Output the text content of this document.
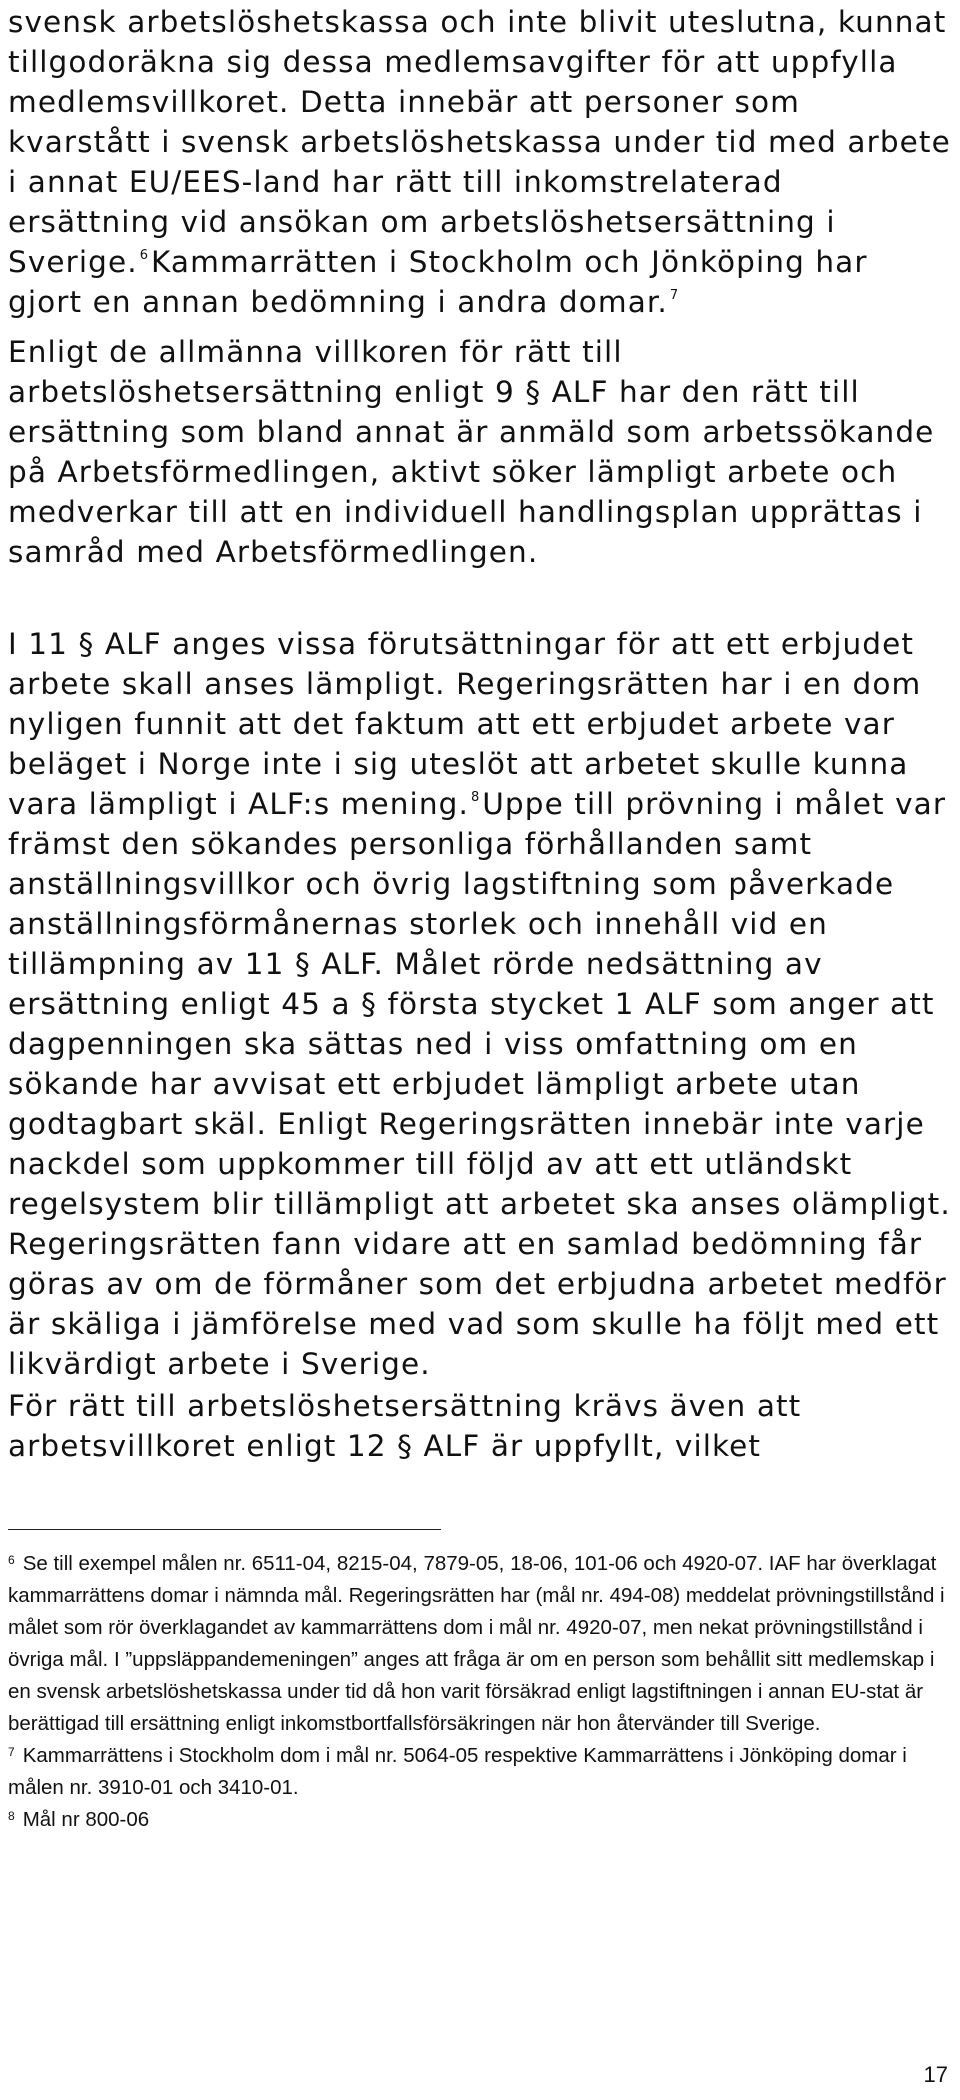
svensk arbetslöshetskassa och inte blivit uteslutna, kunnat tillgodoräkna sig dessa medlemsavgifter för att uppfylla medlemsvillkoret. Detta innebär att personer som kvarstått i svensk arbetslöshetskassa under tid med arbete i annat EU/EES-land har rätt till inkomstrelaterad ersättning vid ansökan om arbetslöshetsersättning i Sverige. $^6$ Kammarrätten i Stockholm och Jönköping har gjort en annan bedömning i andra domar. $^7$

Enligt de allmänna villkoren för rätt till arbetslöshetsersättning enligt 9 § ALF har den rätt till ersättning som bland annat är anmäld som arbetssökande på Arbetsförmedlingen, aktivt söker lämpligt arbete och medverkar till att en individuell handlingsplan upprättas i samråd med Arbetsförmedlingen.

I 11 § ALF anges vissa förutsättningar för att ett erbjudet arbete skall anses lämpligt. Regeringsrätten har i en dom nyligen funnit att det faktum att ett erbjudet arbete var beläget i Norge inte i sig uteslöt att arbetet skulle kunna vara lämpligt i ALF:s mening. $^8$ Uppe till prövning i målet var främst den sökandes personliga förhållanden samt anställningsvillkor och övrig lagstiftning som påverkade anställningsförmånernas storlek och innehåll vid en tillämpning av 11 § ALF. Målet rörde nedsättning av ersättning enligt 45 a § första stycket 1 ALF som anger att dagpenningen ska sättas ned i viss omfattning om en sökande har avvisat ett erbjudet lämpligt arbete utan godtagbart skäl. Enligt Regeringsrätten innebär inte varje nackdel som uppkommer till följd av att ett utländskt regelsystem blir tillämpligt att arbetet ska anses olämpligt. Regeringsrätten fann vidare att en samlad bedömning får göras av om de förmåner som det erbjudna arbetet medför är skäliga i jämförelse med vad som skulle ha följt med ett likvärdigt arbete i Sverige.

För rätt till arbetslöshetsersättning krävs även att arbetsvillkoret enligt 12 § ALF är uppfyllt, vilket

$^6$ Se till exempel målen nr. 6511-04, 8215-04, 7879-05, 18-06, 101-06 och 4920-07. IAF har överklagat kammarrättens domar i nämnda mål. Regeringsrätten har (mål nr. 494-08) meddelat prövningstillstånd i målet som rör överklagandet av kammarrättens dom i mål nr. 4920-07, men nekat prövningstillstånd i övriga mål. I ”uppsläppandemeningen” anges att fråga är om en person som behållit sitt medlemskap i en svensk arbetslöshetskassa under tid då hon varit försäkrad enligt lagstiftningen i annan EU-stat är berättigad till ersättning enligt inkomstbortfallsförsäkringen när hon återvänder till Sverige.

$^7$ Kammarrättens i Stockholm dom i mål nr. 5064-05 respektive Kammarrättens i Jönköping domar i målen nr. 3910-01 och 3410-01.

$^8$ Mål nr 800-06

17
